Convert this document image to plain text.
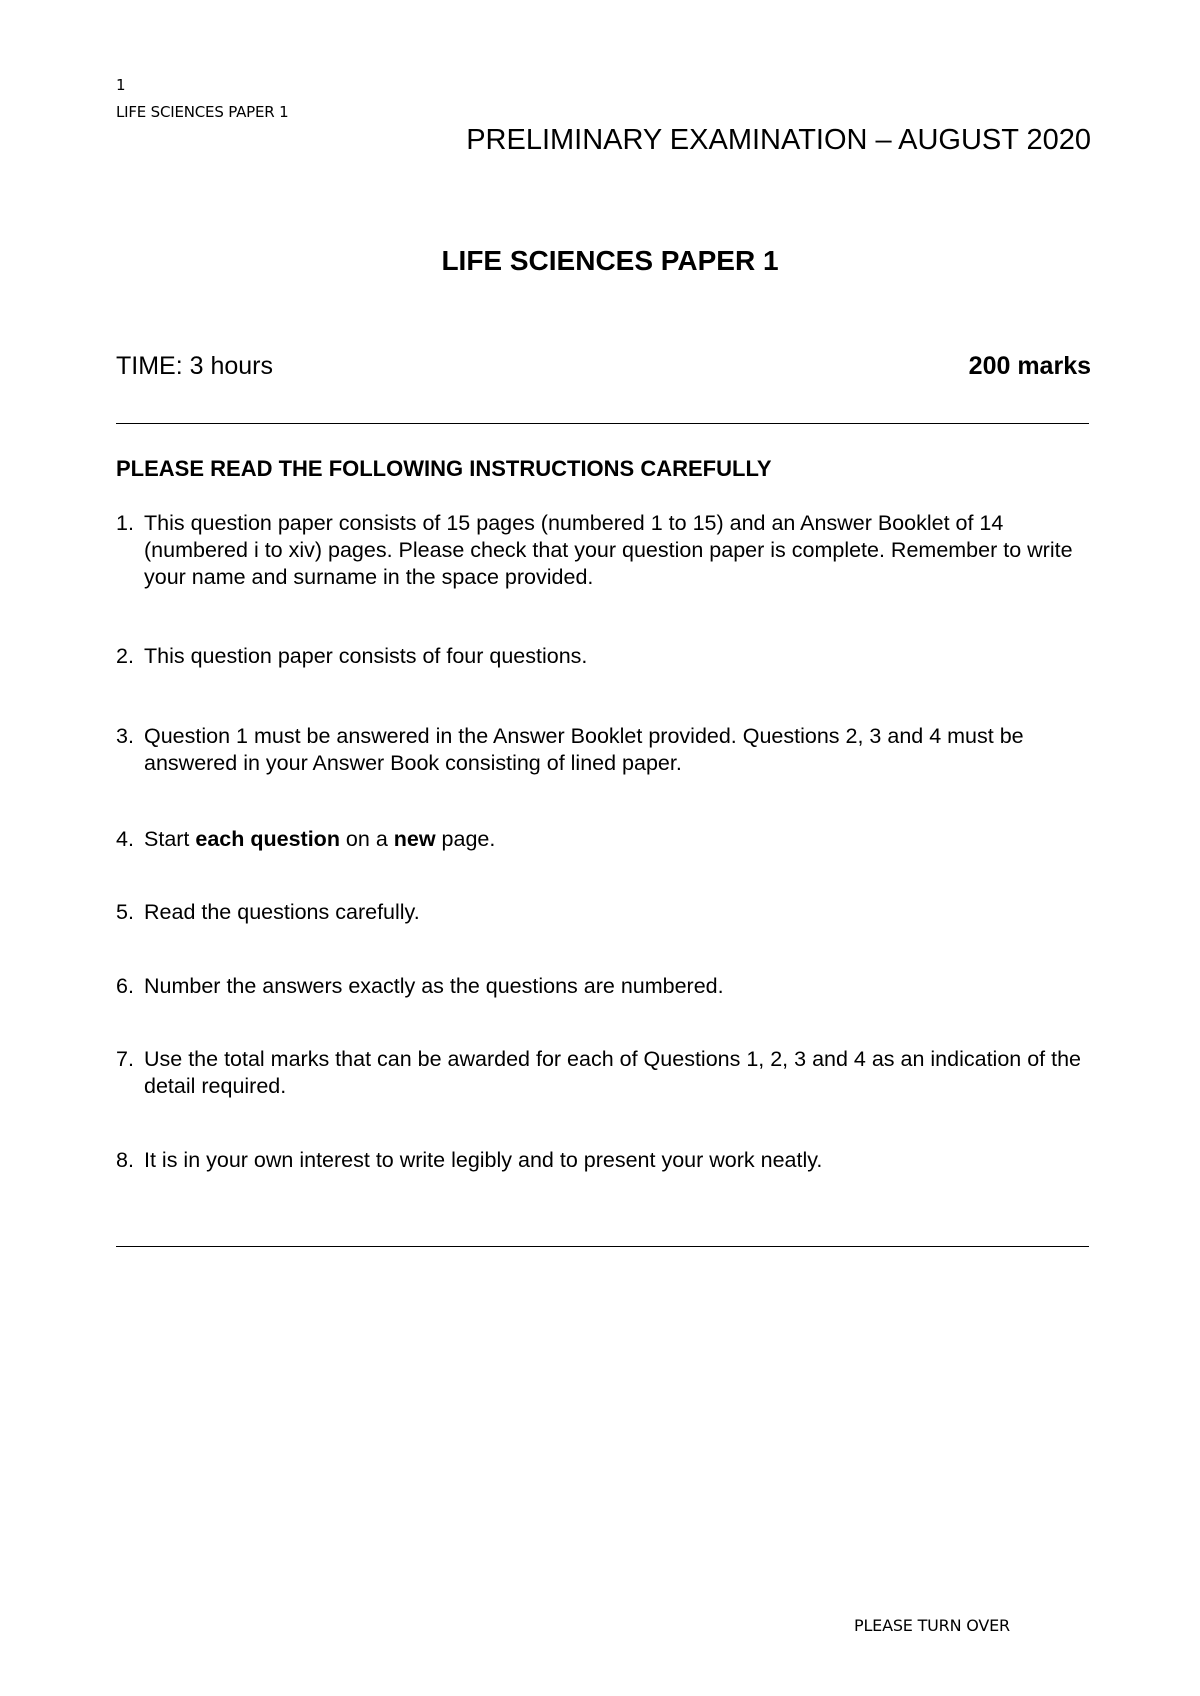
1
LIFE SCIENCES PAPER 1
PRELIMINARY EXAMINATION – AUGUST 2020
LIFE SCIENCES PAPER 1
TIME: 3 hours	200 marks
PLEASE READ THE FOLLOWING INSTRUCTIONS CAREFULLY
1. This question paper consists of 15 pages (numbered 1 to 15) and an Answer Booklet of 14 (numbered i to xiv) pages. Please check that your question paper is complete. Remember to write your name and surname in the space provided.
2. This question paper consists of four questions.
3. Question 1 must be answered in the Answer Booklet provided. Questions 2, 3 and 4 must be answered in your Answer Book consisting of lined paper.
4. Start each question on a new page.
5. Read the questions carefully.
6. Number the answers exactly as the questions are numbered.
7. Use the total marks that can be awarded for each of Questions 1, 2, 3 and 4 as an indication of the detail required.
8. It is in your own interest to write legibly and to present your work neatly.
PLEASE TURN OVER
